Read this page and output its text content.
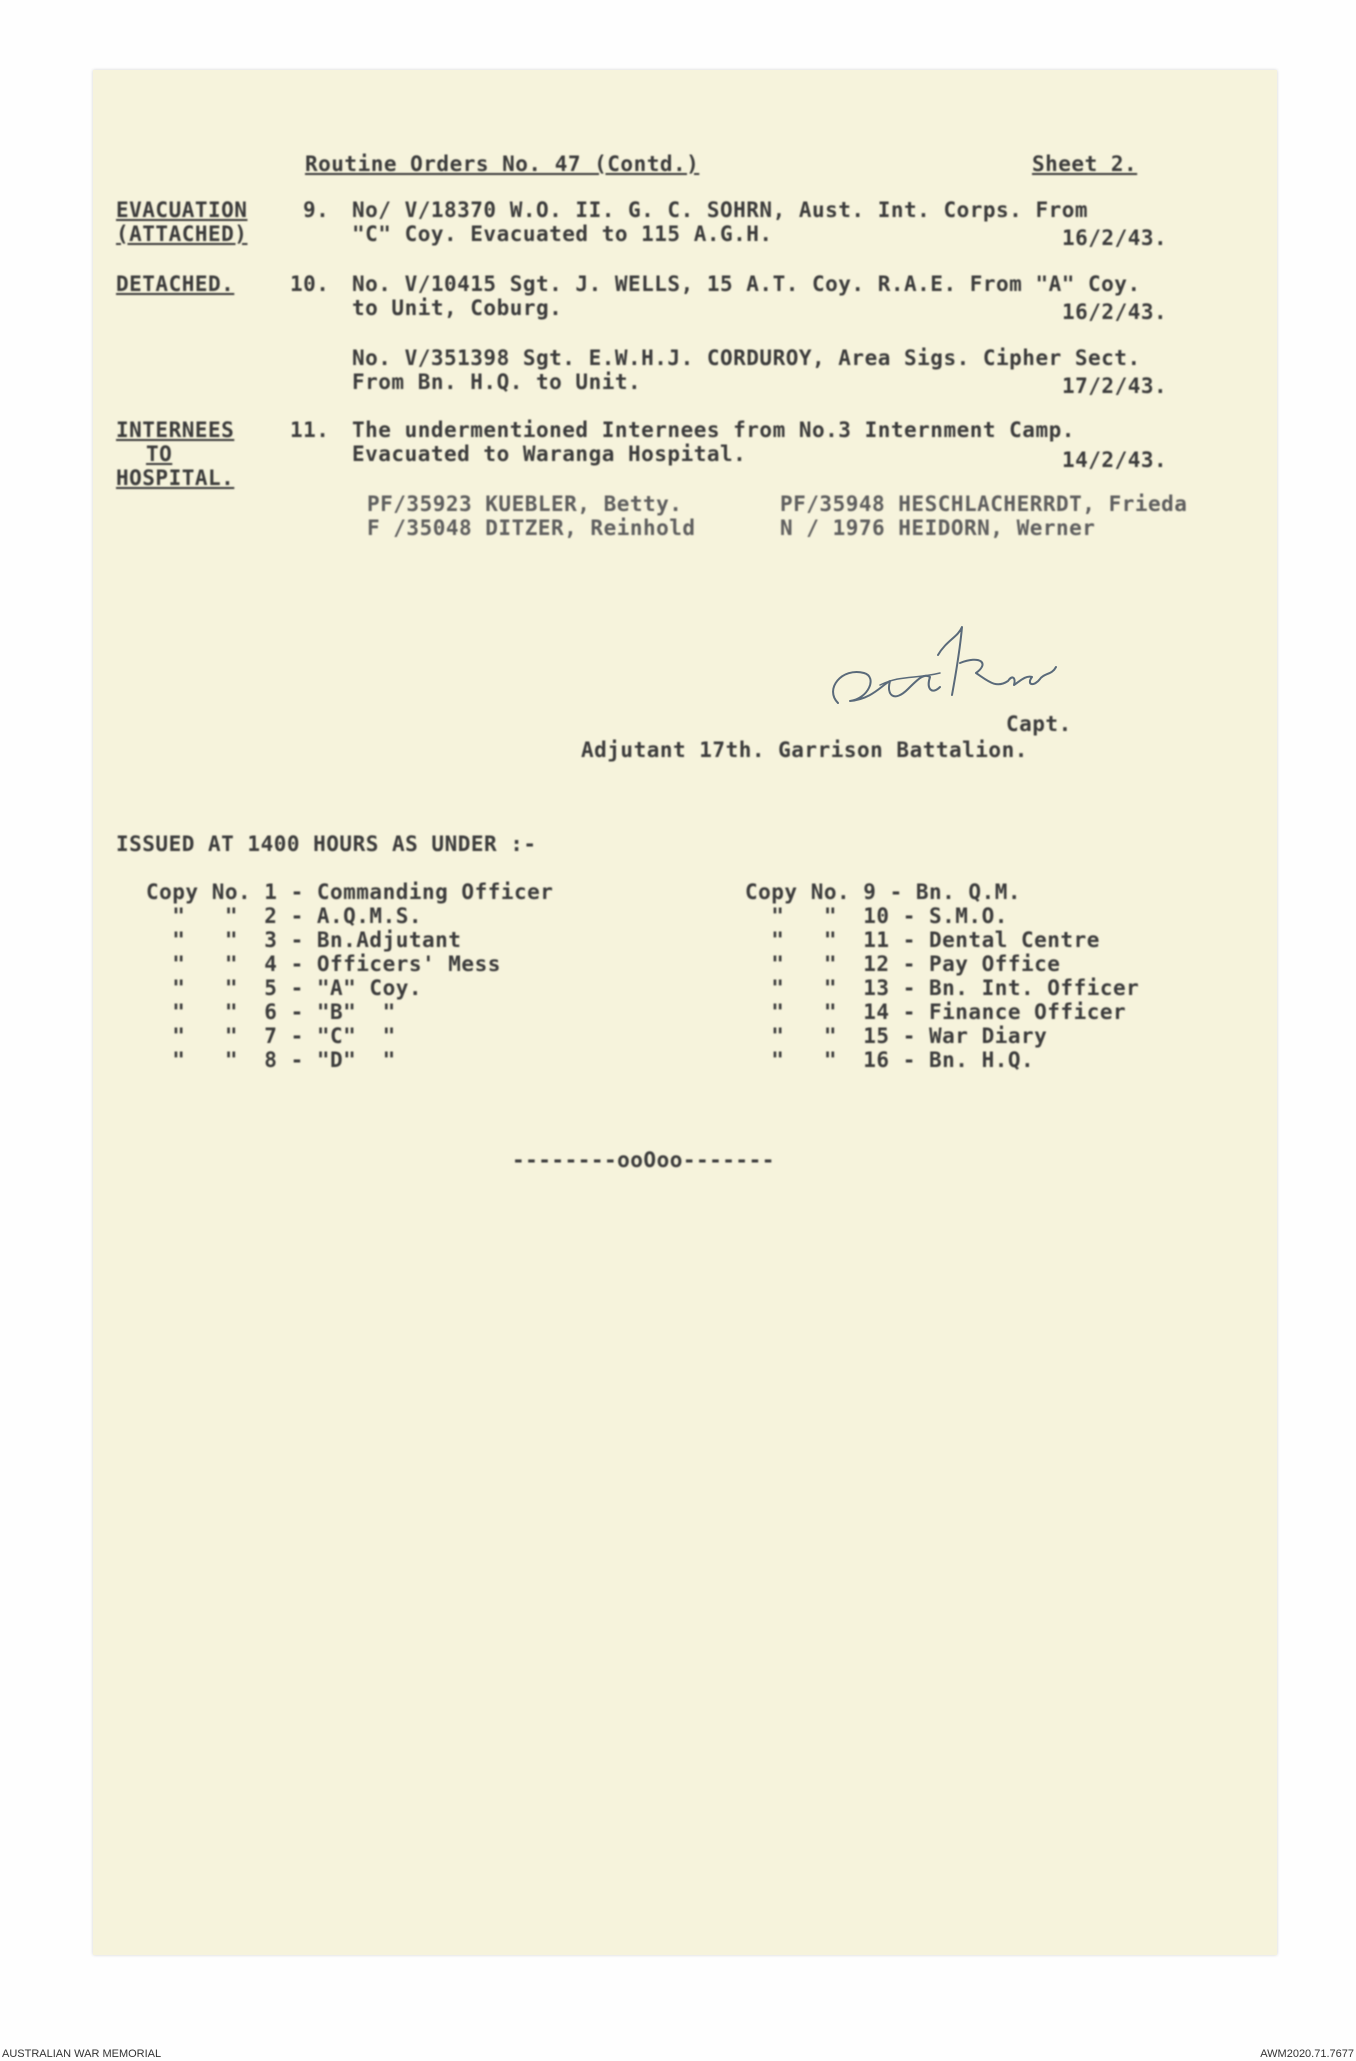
Routine Orders No. 47 (Contd.)	Sheet 2.
EVACUATION
(ATTACHED)
9. No/ V/18370 W.O. II. G. C. SOHRN, Aust. Int. Corps. From
"C" Coy. Evacuated to 115 A.G.H.	16/2/43.
DETACHED.	10. No. V/10415 Sgt. J. WELLS, 15 A.T. Coy. R.A.E. From "A" Coy.
to Unit, Coburg.	16/2/43.
No. V/351398 Sgt. E.W.H.J. CORDUROY, Area Sigs. Cipher Sect.
From Bn. H.Q. to Unit.	17/2/43.
INTERNEES
TO
HOSPITAL.
11. The undermentioned Internees from No.3 Internment Camp.
Evacuated to Waranga Hospital.	14/2/43.
PF/35923 KUEBLER, Betty.	PF/35948 HESCHLACHERRDT, Frieda
F /35048 DITZER, Reinhold	N / 1976 HEIDORN, Werner
Capt.
Adjutant 17th. Garrison Battalion.
ISSUED AT 1400 HOURS AS UNDER :-
Copy No. 1 - Commanding Officer
"   "  2 - A.Q.M.S.
"   "  3 - Bn.Adjutant
"   "  4 - Officers' Mess
"   "  5 - "A" Coy.
"   "  6 - "B"  "
"   "  7 - "C"  "
"   "  8 - "D"  "
Copy No. 9 - Bn. Q.M.
"   "  10 - S.M.O.
"   "  11 - Dental Centre
"   "  12 - Pay Office
"   "  13 - Bn. Int. Officer
"   "  14 - Finance Officer
"   "  15 - War Diary
"   "  16 - Bn. H.Q.
--------ooOoo-------
AUSTRALIAN WAR MEMORIAL	AWM2020.71.7677
